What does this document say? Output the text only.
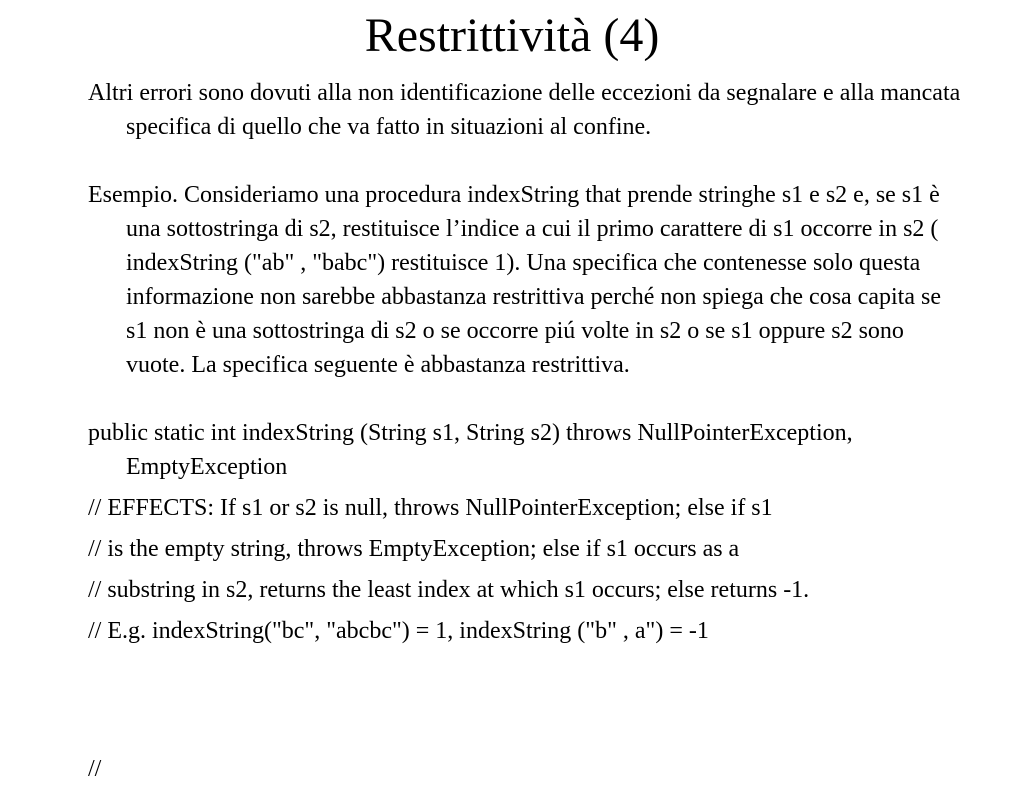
Restrittività (4)

Altri errori sono dovuti alla non identificazione delle eccezioni da segnalare e alla mancata specifica di quello che va fatto in situazioni al confine.

Esempio. Consideriamo una procedura indexString that prende stringhe s1 e s2 e, se s1 è una sottostringa di s2, restituisce l’indice a cui il primo carattere di s1 occorre in s2 ( indexString ("ab" , "babc") restituisce 1). Una specifica che contenesse solo questa informazione non sarebbe abbastanza restrittiva perché non spiega che cosa capita se s1 non è una sottostringa di s2 o se occorre piú volte in s2 o se s1 oppure s2 sono vuote. La specifica seguente è abbastanza restrittiva.

public static int indexString (String s1, String s2) throws NullPointerException, EmptyException

// EFFECTS: If s1 or s2 is null, throws NullPointerException; else if s1
// is the empty string, throws EmptyException; else if s1 occurs as a
// substring in s2, returns the least index at which s1 occurs; else returns -1.
// E.g. indexString("bc", "abcbc") = 1, indexString ("b" , a") = -1
//
